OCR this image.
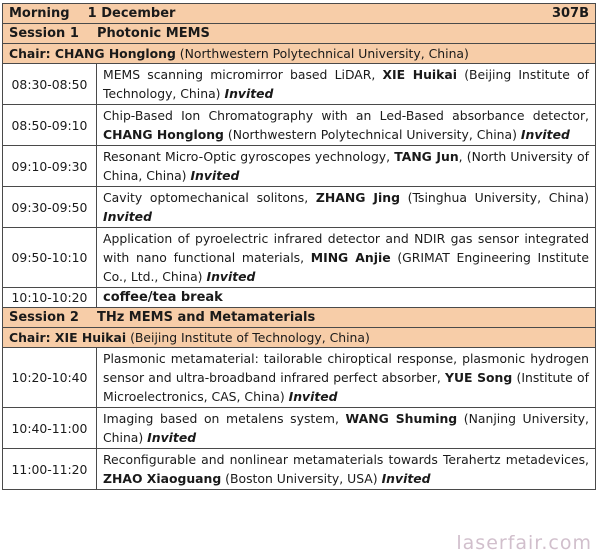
Morning    1 December 307B	

Session 1    Photonic MEMS	
Chair: CHANG Honglong (Northwestern Polytechnical University, China)	
08:30-08:50	MEMS scanning micromirror based LiDAR, XIE Huikai (Beijing Institute of Technology, China) Invited
08:50-09:10	Chip-Based Ion Chromatography with an Led-Based absorbance detector, CHANG Honglong (Northwestern Polytechnical University, China) Invited
09:10-09:30	Resonant Micro-Optic gyroscopes yechnology, TANG Jun, (North University of China, China) Invited
09:30-09:50	Cavity optomechanical solitons, ZHANG Jing (Tsinghua University, China) Invited
09:50-10:10	Application of pyroelectric infrared detector and NDIR gas sensor integrated with nano functional materials, MING Anjie (GRIMAT Engineering Institute Co., Ltd., China) Invited
10:10-10:20	coffee/tea break
Session 2    THz MEMS and Metamaterials	
Chair: XIE Huikai (Beijing Institute of Technology, China)	
10:20-10:40	Plasmonic metamaterial: tailorable chiroptical response, plasmonic hydrogen sensor and ultra-broadband infrared perfect absorber, YUE Song (Institute of Microelectronics, CAS, China) Invited
10:40-11:00	Imaging based on metalens system, WANG Shuming (Nanjing University, China) Invited
11:00-11:20	Reconfigurable and nonlinear metamaterials towards Terahertz metadevices, ZHAO Xiaoguang (Boston University, USA) Invited
laserfair.com
